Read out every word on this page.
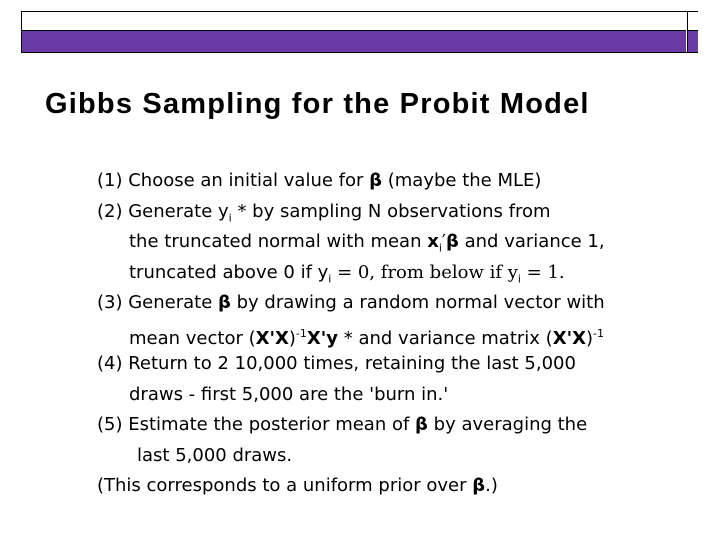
Part 25: Bayesian [34/58]
Gibbs Sampling for the Probit Model
(1) Choose an initial value for β (maybe the MLE)
(2) Generate $y_i$ * by sampling N observations from
the truncated normal with mean $x_i'\beta$ and variance 1,
truncated above 0 if $y_i = 0$, from below if $y_i = 1$.
(3) Generate β by drawing a random normal vector with
mean vector $(X'X)^{-1}X'y$ * and variance matrix $(X'X)^{-1}$
(4) Return to 2 10,000 times, retaining the last 5,000
draws - first 5,000 are the 'burn in.'
(5) Estimate the posterior mean of β by averaging the
last 5,000 draws.
(This corresponds to a uniform prior over β.)
